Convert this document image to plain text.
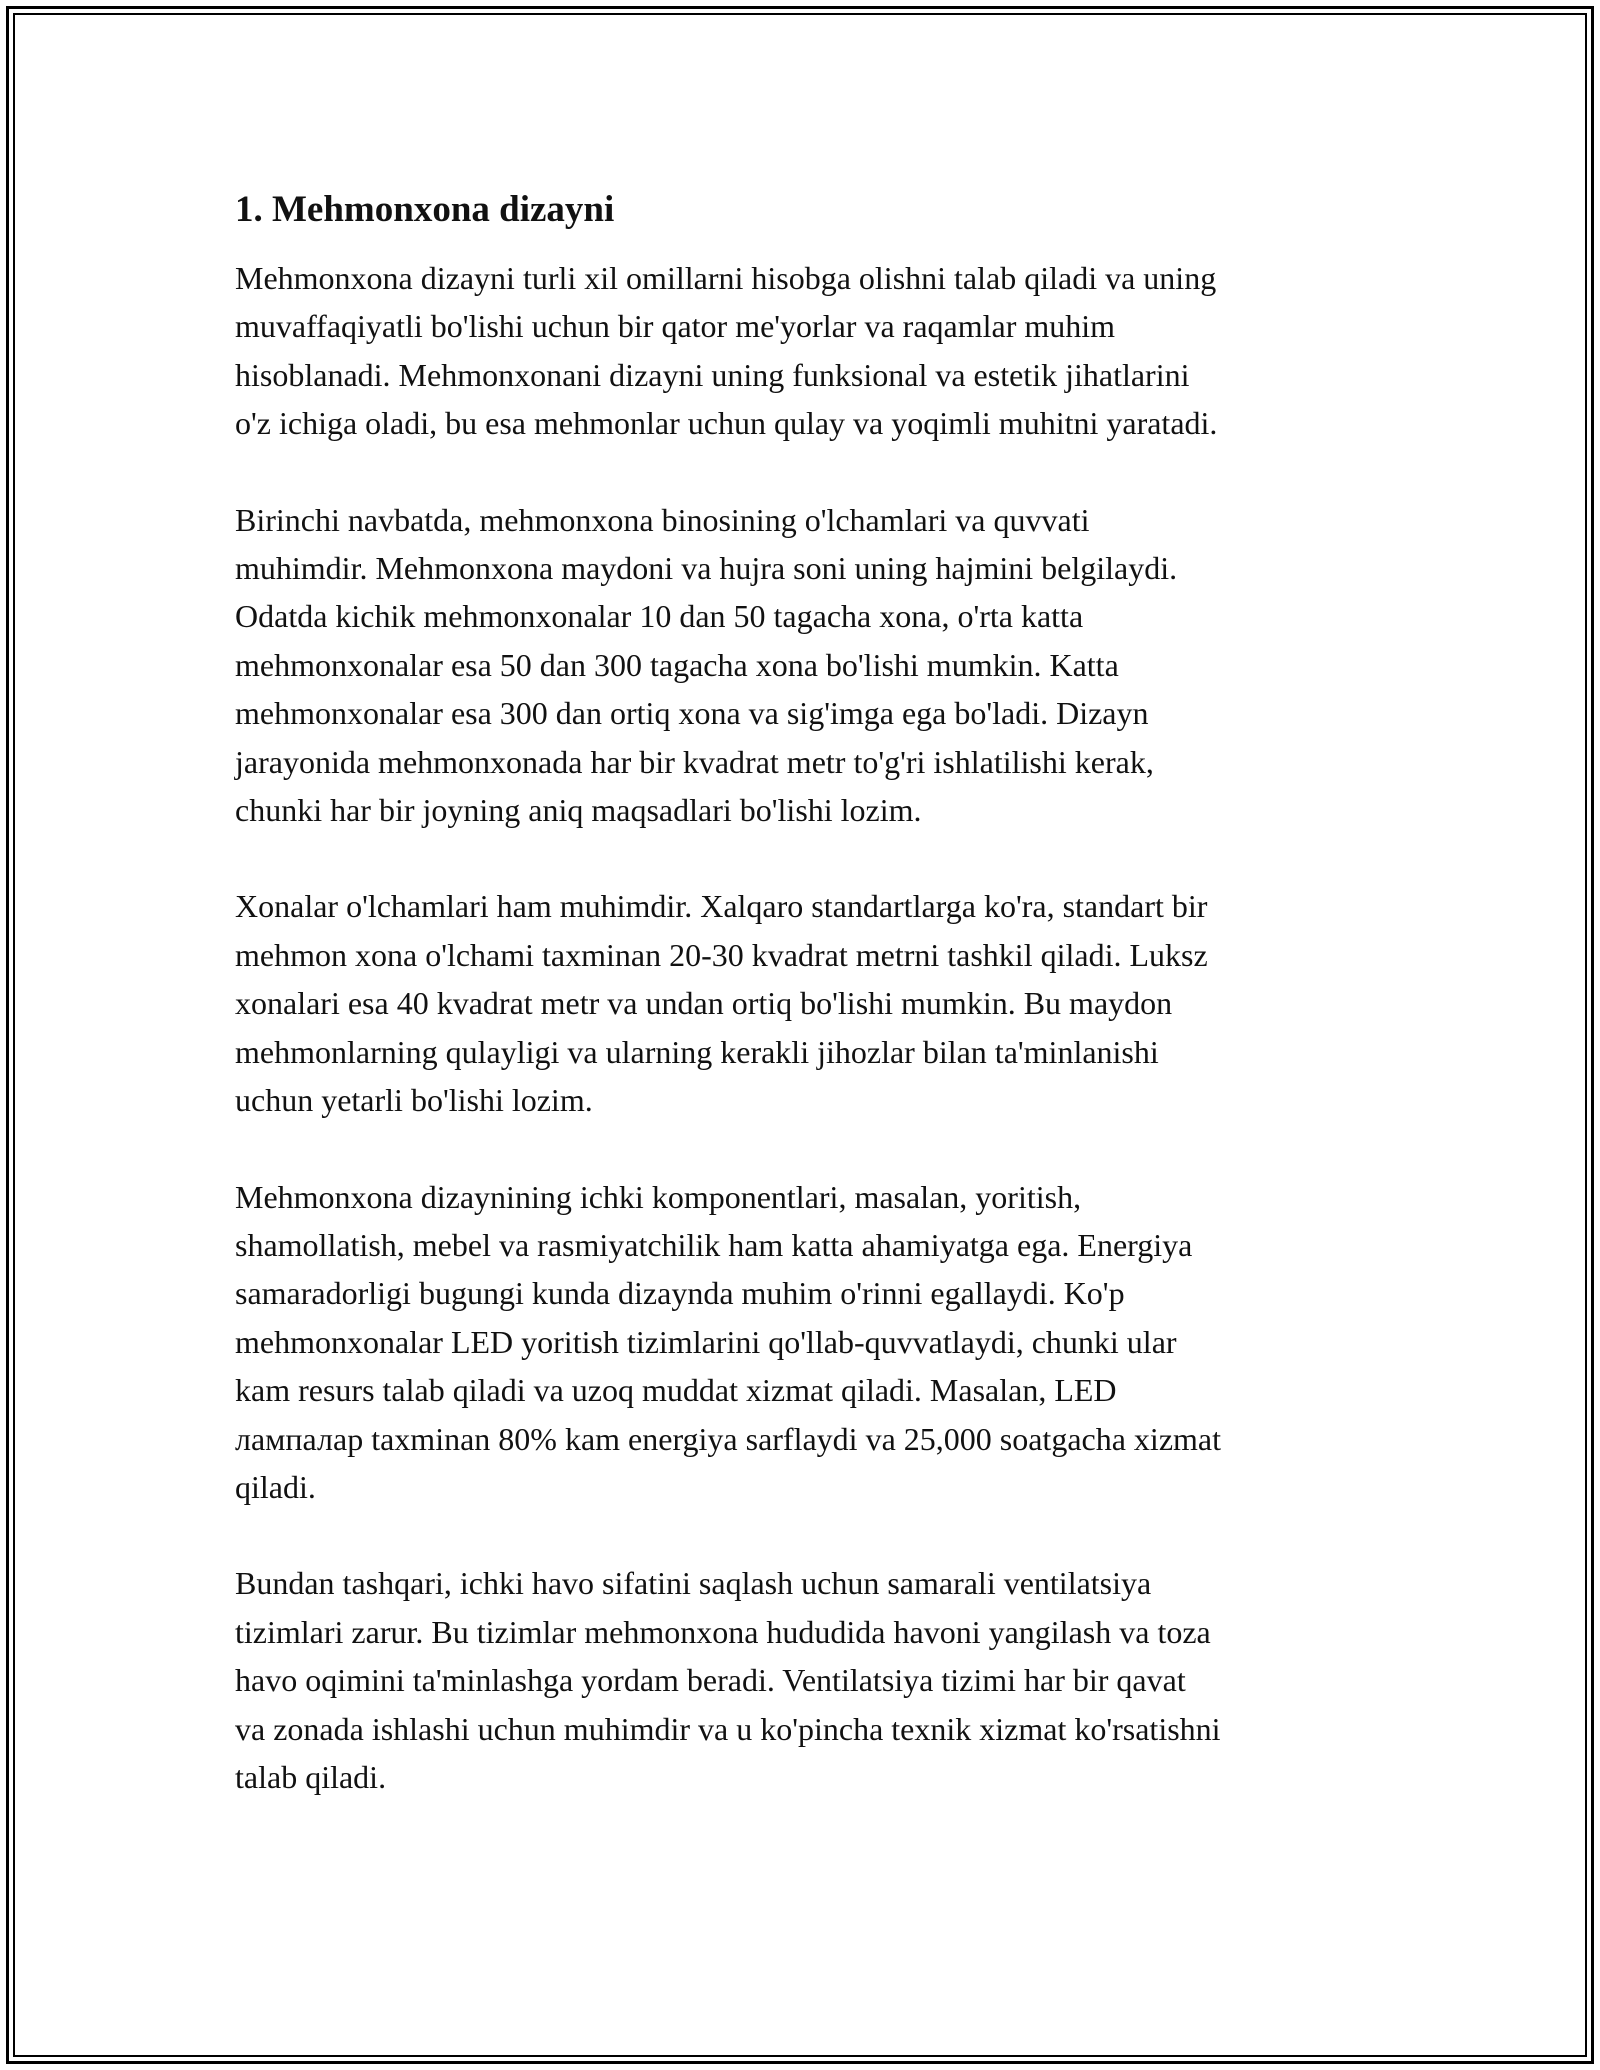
1. Mehmonxona dizayni

Mehmonxona dizayni turli xil omillarni hisobga olishni talab qiladi va uning
muvaffaqiyatli bo'lishi uchun bir qator me'yorlar va raqamlar muhim
hisoblanadi. Mehmonxonani dizayni uning funksional va estetik jihatlarini
o'z ichiga oladi, bu esa mehmonlar uchun qulay va yoqimli muhitni yaratadi.

Birinchi navbatda, mehmonxona binosining o'lchamlari va quvvati
muhimdir. Mehmonxona maydoni va hujra soni uning hajmini belgilaydi.
Odatda kichik mehmonxonalar 10 dan 50 tagacha xona, o'rta katta
mehmonxonalar esa 50 dan 300 tagacha xona bo'lishi mumkin. Katta
mehmonxonalar esa 300 dan ortiq xona va sig'imga ega bo'ladi. Dizayn
jarayonida mehmonxonada har bir kvadrat metr to'g'ri ishlatilishi kerak,
chunki har bir joyning aniq maqsadlari bo'lishi lozim.

Xonalar o'lchamlari ham muhimdir. Xalqaro standartlarga ko'ra, standart bir
mehmon xona o'lchami taxminan 20-30 kvadrat metrni tashkil qiladi. Luksz
xonalari esa 40 kvadrat metr va undan ortiq bo'lishi mumkin. Bu maydon
mehmonlarning qulayligi va ularning kerakli jihozlar bilan ta'minlanishi
uchun yetarli bo'lishi lozim.

Mehmonxona dizaynining ichki komponentlari, masalan, yoritish,
shamollatish, mebel va rasmiyatchilik ham katta ahamiyatga ega. Energiya
samaradorligi bugungi kunda dizaynda muhim o'rinni egallaydi. Ko'p
mehmonxonalar LED yoritish tizimlarini qo'llab-quvvatlaydi, chunki ular
kam resurs talab qiladi va uzoq muddat xizmat qiladi. Masalan, LED
лампалар taxminan 80% kam energiya sarflaydi va 25,000 soatgacha xizmat
qiladi.

Bundan tashqari, ichki havo sifatini saqlash uchun samarali ventilatsiya
tizimlari zarur. Bu tizimlar mehmonxona hududida havoni yangilash va toza
havo oqimini ta'minlashga yordam beradi. Ventilatsiya tizimi har bir qavat
va zonada ishlashi uchun muhimdir va u ko'pincha texnik xizmat ko'rsatishni
talab qiladi.
